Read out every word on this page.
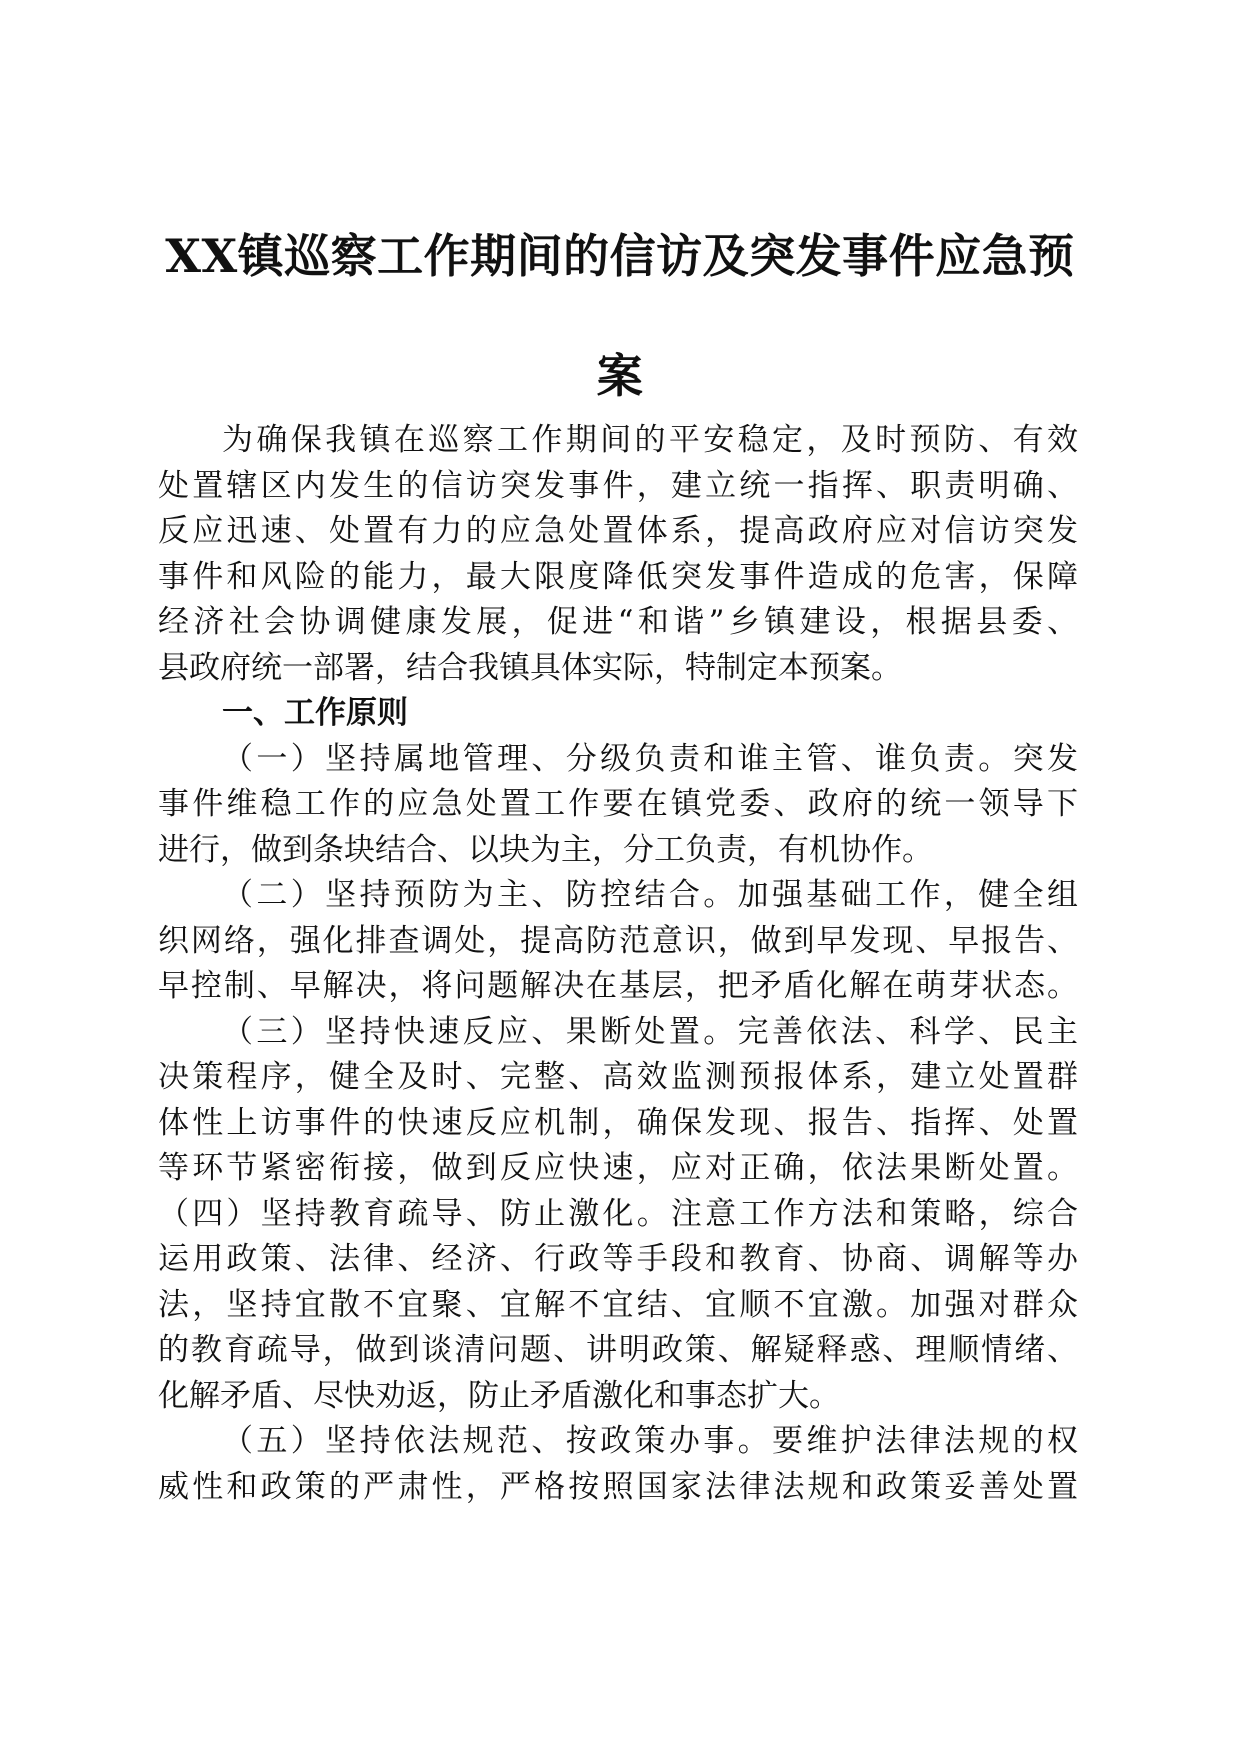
XX镇巡察工作期间的信访及突发事件应急预
案

为确保我镇在巡察工作期间的平安稳定，及时预防、有效

处置辖区内发生的信访突发事件，建立统一指挥、职责明确、

反应迅速、处置有力的应急处置体系，提高政府应对信访突发

事件和风险的能力，最大限度降低突发事件造成的危害，保障

经济社会协调健康发展，促进“和谐”乡镇建设，根据县委、

县政府统一部署，结合我镇具体实际，特制定本预案。

一、工作原则

（一）坚持属地管理、分级负责和谁主管、谁负责。突发

事件维稳工作的应急处置工作要在镇党委、政府的统一领导下

进行，做到条块结合、以块为主，分工负责，有机协作。

（二）坚持预防为主、防控结合。加强基础工作，健全组

织网络，强化排查调处，提高防范意识，做到早发现、早报告、

早控制、早解决，将问题解决在基层，把矛盾化解在萌芽状态。

（三）坚持快速反应、果断处置。完善依法、科学、民主

决策程序，健全及时、完整、高效监测预报体系，建立处置群

体性上访事件的快速反应机制，确保发现、报告、指挥、处置

等环节紧密衔接，做到反应快速，应对正确，依法果断处置。

（四）坚持教育疏导、防止激化。注意工作方法和策略，综合

运用政策、法律、经济、行政等手段和教育、协商、调解等办

法，坚持宜散不宜聚、宜解不宜结、宜顺不宜激。加强对群众

的教育疏导，做到谈清问题、讲明政策、解疑释惑、理顺情绪、

化解矛盾、尽快劝返，防止矛盾激化和事态扩大。

（五）坚持依法规范、按政策办事。要维护法律法规的权

威性和政策的严肃性，严格按照国家法律法规和政策妥善处置
